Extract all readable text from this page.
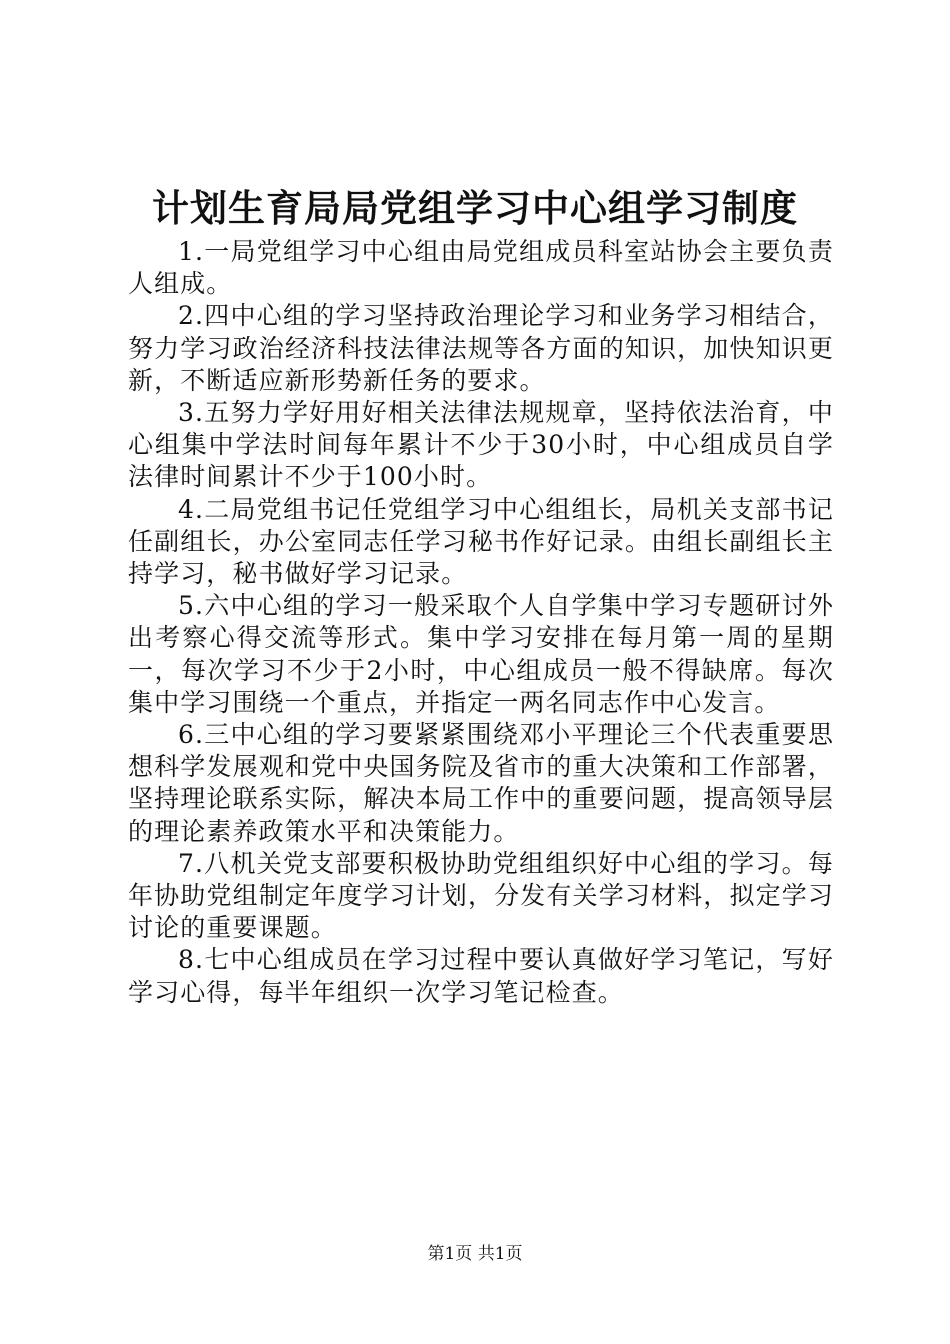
计划生育局局党组学习中心组学习制度

1.一局党组学习中心组由局党组成员科室站协会主要负责人组成。

2.四中心组的学习坚持政治理论学习和业务学习相结合，努力学习政治经济科技法律法规等各方面的知识，加快知识更新，不断适应新形势新任务的要求。

3.五努力学好用好相关法律法规规章，坚持依法治育，中心组集中学法时间每年累计不少于30小时，中心组成员自学法律时间累计不少于100小时。

4.二局党组书记任党组学习中心组组长，局机关支部书记任副组长，办公室同志任学习秘书作好记录。由组长副组长主持学习，秘书做好学习记录。

5.六中心组的学习一般采取个人自学集中学习专题研讨外出考察心得交流等形式。集中学习安排在每月第一周的星期一，每次学习不少于2小时，中心组成员一般不得缺席。每次集中学习围绕一个重点，并指定一两名同志作中心发言。

6.三中心组的学习要紧紧围绕邓小平理论三个代表重要思想科学发展观和党中央国务院及省市的重大决策和工作部署，坚持理论联系实际，解决本局工作中的重要问题，提高领导层的理论素养政策水平和决策能力。

7.八机关党支部要积极协助党组组织好中心组的学习。每年协助党组制定年度学习计划，分发有关学习材料，拟定学习讨论的重要课题。

8.七中心组成员在学习过程中要认真做好学习笔记，写好学习心得，每半年组织一次学习笔记检查。

第1页 共1页
